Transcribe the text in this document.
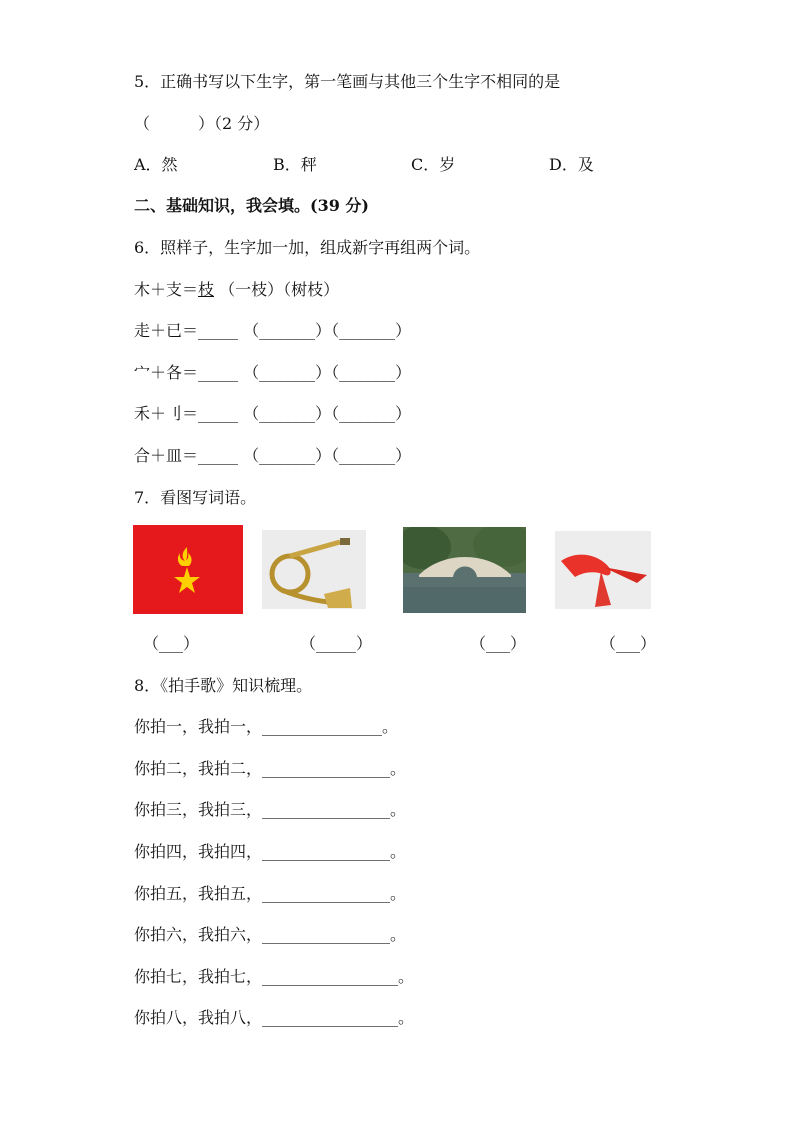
5．正确书写以下生字，第一笔画与其他三个生字不相同的是
（　　　）（2 分）
A．然	B．秤	C．岁	D．及
二、基础知识，我会填。(39 分)
6．照样子，生字加一加，组成新字再组两个词。
木＋支＝枝 （一枝）（树枝）
走＋已＝_____ （_______）（_______）
宀＋各＝_____ （_______）（_______）
禾＋刂＝_____ （_______）（_______）
合＋皿＝_____ （_______）（_______）
7．看图写词语。
（___）	（_____）	（___）	（___）
8．《拍手歌》知识梳理。
你拍一，我拍一，_______________。
你拍二，我拍二，________________。
你拍三，我拍三，________________。
你拍四，我拍四，________________。
你拍五，我拍五，________________。
你拍六，我拍六，________________。
你拍七，我拍七，_________________。
你拍八，我拍八，_________________。
